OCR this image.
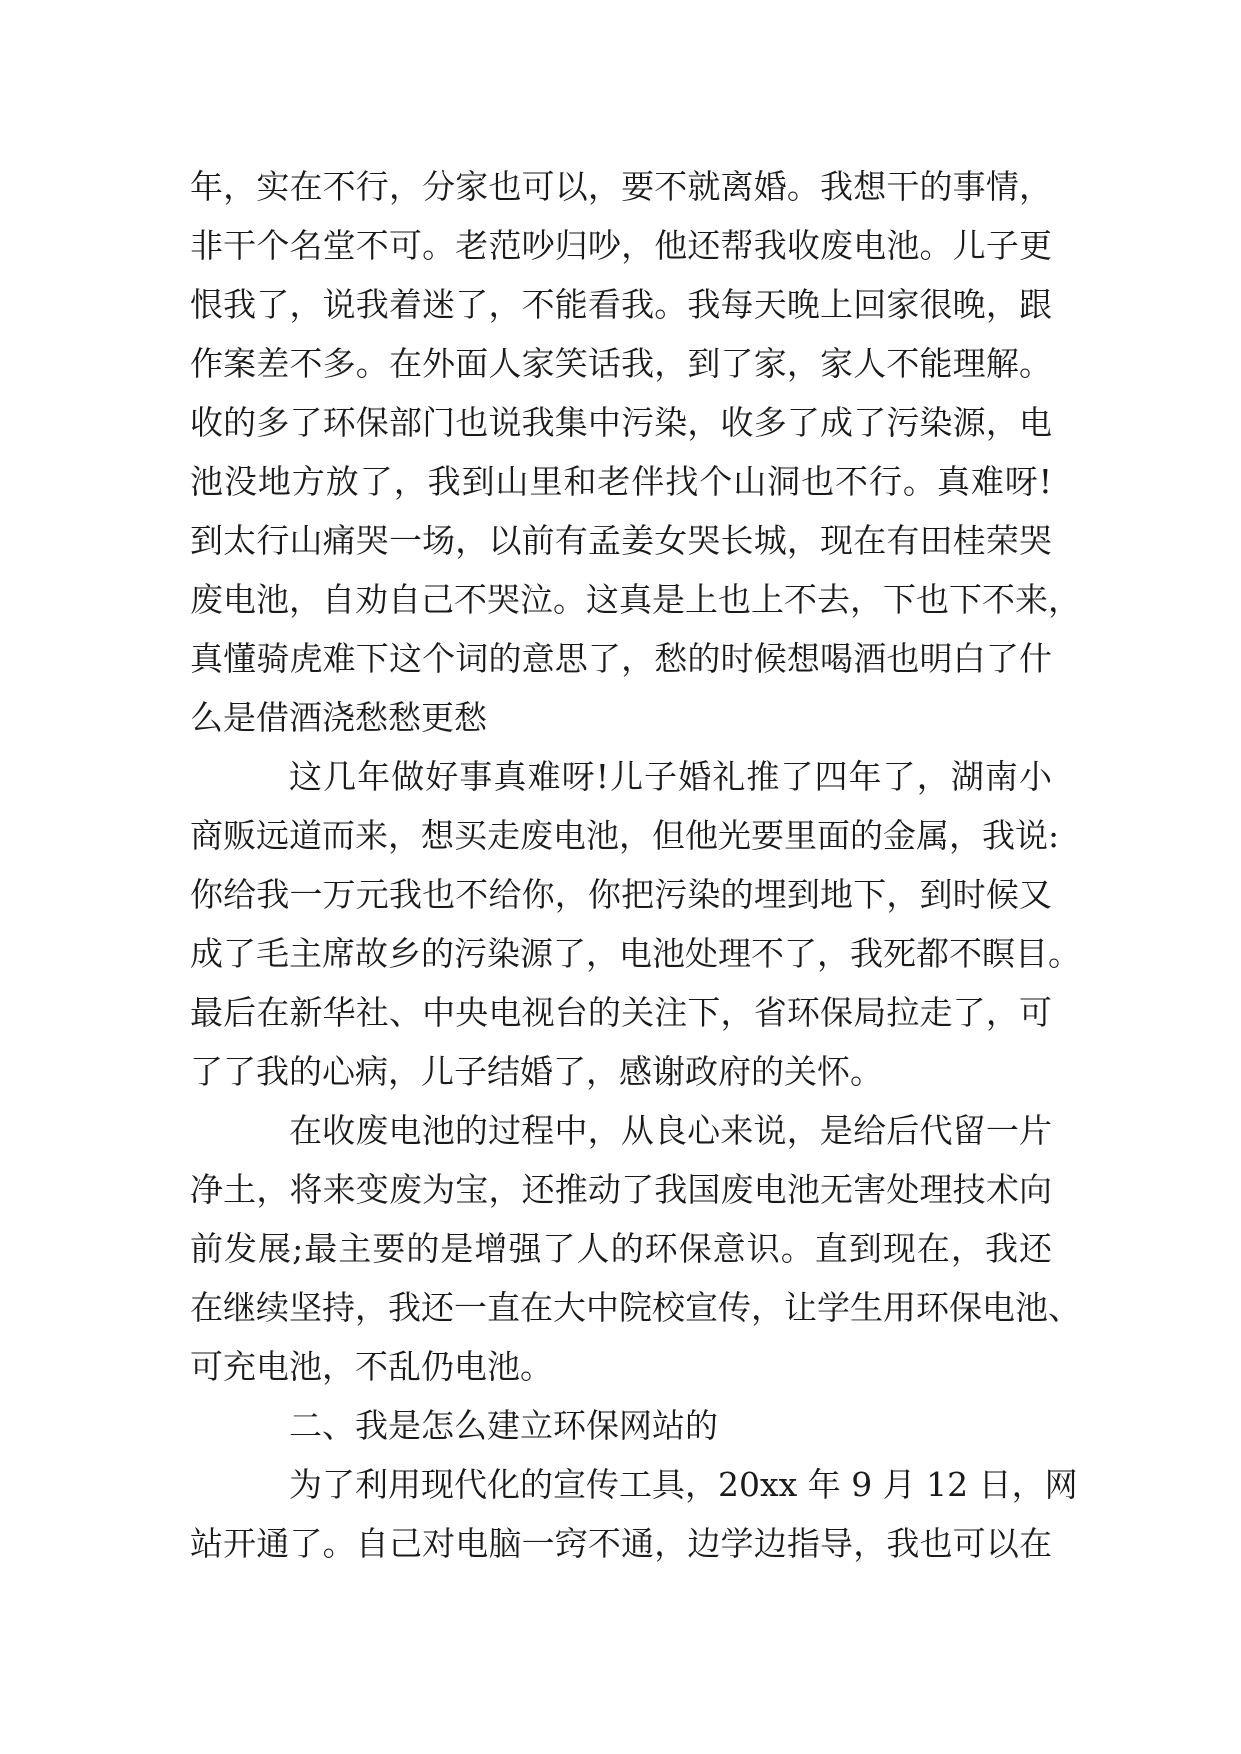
年，实在不行，分家也可以，要不就离婚。我想干的事情，
非干个名堂不可。老范吵归吵，他还帮我收废电池。儿子更
恨我了，说我着迷了，不能看我。我每天晚上回家很晚，跟
作案差不多。在外面人家笑话我，到了家，家人不能理解。
收的多了环保部门也说我集中污染，收多了成了污染源，电
池没地方放了，我到山里和老伴找个山洞也不行。真难呀!
到太行山痛哭一场，以前有孟姜女哭长城，现在有田桂荣哭
废电池，自劝自己不哭泣。这真是上也上不去，下也下不来，
真懂骑虎难下这个词的意思了，愁的时候想喝酒也明白了什
么是借酒浇愁愁更愁
这几年做好事真难呀!儿子婚礼推了四年了，湖南小
商贩远道而来，想买走废电池，但他光要里面的金属，我说:
你给我一万元我也不给你，你把污染的埋到地下，到时候又
成了毛主席故乡的污染源了，电池处理不了，我死都不瞑目。
最后在新华社、中央电视台的关注下，省环保局拉走了，可
了了我的心病，儿子结婚了，感谢政府的关怀。
在收废电池的过程中，从良心来说，是给后代留一片
净土，将来变废为宝，还推动了我国废电池无害处理技术向
前发展;最主要的是增强了人的环保意识。直到现在，我还
在继续坚持，我还一直在大中院校宣传，让学生用环保电池、
可充电池，不乱仍电池。
二、我是怎么建立环保网站的
为了利用现代化的宣传工具，20xx 年 9 月 12 日，网
站开通了。自己对电脑一窍不通，边学边指导，我也可以在
